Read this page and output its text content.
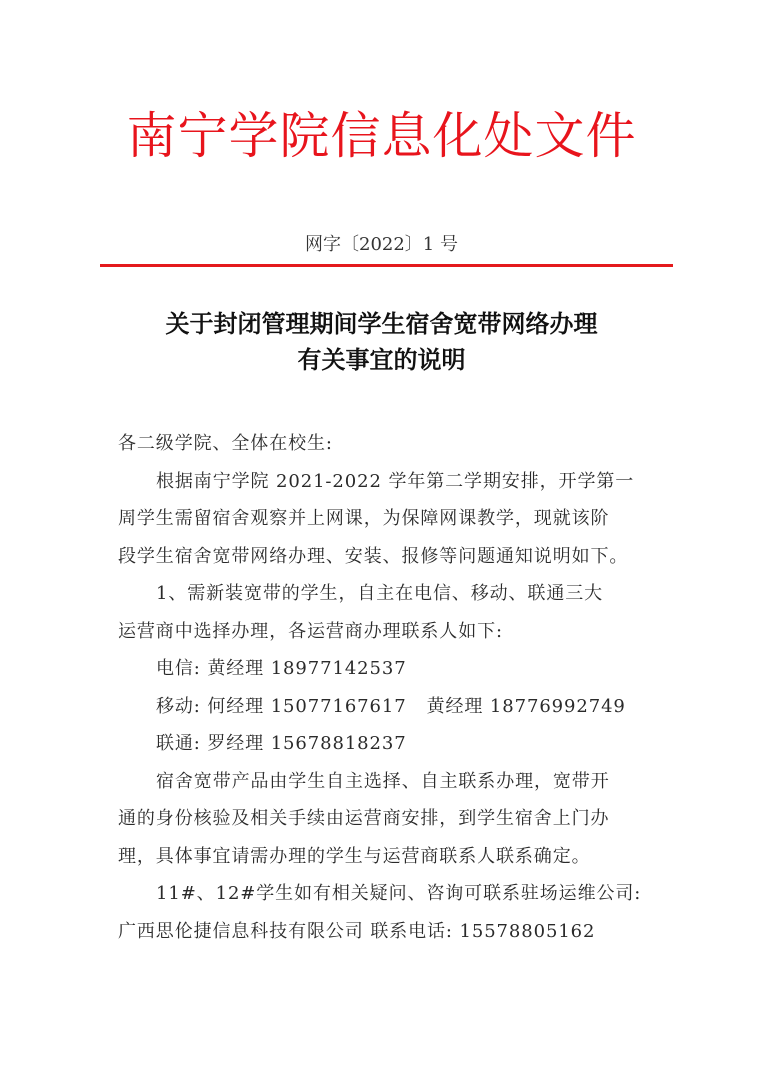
南宁学院信息化处文件
网字〔2022〕1 号
关于封闭管理期间学生宿舍宽带网络办理
有关事宜的说明
各二级学院、全体在校生:
根据南宁学院 2021-2022 学年第二学期安排，开学第一
周学生需留宿舍观察并上网课，为保障网课教学，现就该阶
段学生宿舍宽带网络办理、安装、报修等问题通知说明如下。
1、需新装宽带的学生，自主在电信、移动、联通三大
运营商中选择办理，各运营商办理联系人如下:
电信: 黄经理 18977142537
移动: 何经理 15077167617 黄经理 18776992749
联通: 罗经理 15678818237
宿舍宽带产品由学生自主选择、自主联系办理，宽带开
通的身份核验及相关手续由运营商安排，到学生宿舍上门办
理，具体事宜请需办理的学生与运营商联系人联系确定。
11#、12#学生如有相关疑问、咨询可联系驻场运维公司:
广西思伦捷信息科技有限公司 联系电话: 15578805162
